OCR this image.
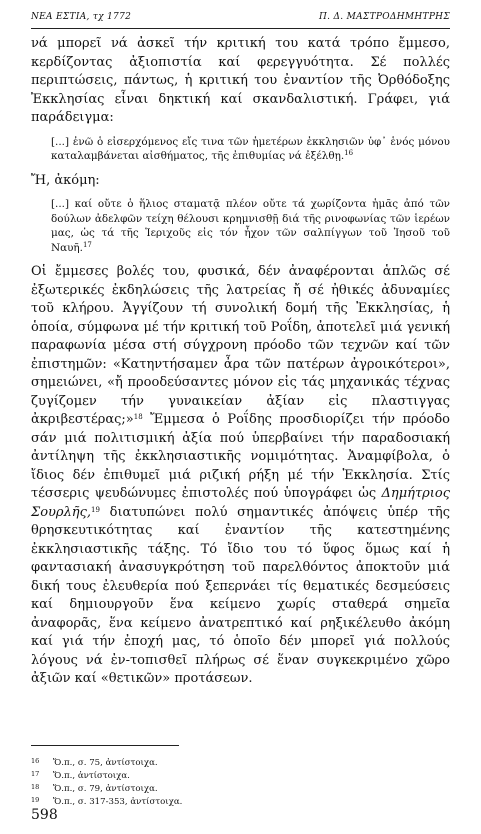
ΝΕΑ ΕΣΤΙΑ, τχ 1772	Π. Δ. ΜΑΣΤΡΟΔΗΜΗΤΡΗΣ

νά μπορεῖ νά ἀσκεῖ τήν κριτική του κατά τρόπο ἔμμεσο, κερδίζοντας ἀξιοπιστία καί φερεγγυότητα. Σέ πολλές περιπτώσεις, πάντως, ἡ κριτική του ἐναντίον τῆς Ὀρθόδοξης Ἐκκλησίας εἶναι δηκτική καί σκανδαλιστική. Γράφει, γιά παράδειγμα:

[...] ἐνῶ ὁ εἰσερχόμενος εἴς τινα τῶν ἡμετέρων ἐκκλησιῶν ὑφ᾽ ἑνός μόνου καταλαμβάνεται αἰσθήματος, τῆς ἐπιθυμίας νά ἐξέλθῃ.$^{16}$

Ἤ, ἀκόμη:

[...] καί οὔτε ὁ ἥλιος σταματᾷ πλέον οὔτε τά χωρίζοντα ἡμᾶς ἀπό τῶν δούλων ἀδελφῶν τείχη θέλουσι κρημνισθῇ διά τῆς ρινοφωνίας τῶν ἱερέων μας, ὡς τά τῆς Ἱεριχοῦς εἰς τόν ἦχον τῶν σαλπίγγων τοῦ Ἰησοῦ τοῦ Ναυῆ.$^{17}$

Οἱ ἔμμεσες βολές του, φυσικά, δέν ἀναφέρονται ἁπλῶς σέ ἐξωτερικές ἐκδηλώσεις τῆς λατρείας ἤ σέ ἠθικές ἀδυναμίες τοῦ κλήρου. Ἀγγίζουν τή συνολική δομή τῆς Ἐκκλησίας, ἡ ὁποία, σύμφωνα μέ τήν κριτική τοῦ Ροΐδη, ἀποτελεῖ μιά γενική παραφωνία μέσα στή σύγχρονη πρόοδο τῶν τεχνῶν καί τῶν ἐπιστημῶν: «Κατηντήσαμεν ἆρα τῶν πατέρων ἀγροικότεροι», σημειώνει, «ἤ προοδεύσαντες μόνον εἰς τάς μηχανικάς τέχνας ζυγίζομεν τήν γυναικείαν ἀξίαν εἰς πλαστιγγας ἀκριβεστέρας;»$^{18}$ Ἔμμεσα ὁ Ροΐδης προσδιορίζει τήν πρόοδο σάν μιά πολιτισμική ἀξία πού ὑπερβαίνει τήν παραδοσιακή ἀντίληψη τῆς ἐκκλησιαστικῆς νομιμότητας. Ἀναμφίβολα, ὁ ἴδιος δέν ἐπιθυμεῖ μιά ριζική ρήξη μέ τήν Ἐκκλησία. Στίς τέσσερις ψευδώνυμες ἐπιστολές πού ὑπογράφει ὡς Δημήτριος Σουρλῆς,$^{19}$ διατυπώνει πολύ σημαντικές ἀπόψεις ὑπέρ τῆς θρησκευτικότητας καί ἐναντίον τῆς κατεστημένης ἐκκλησιαστικῆς τάξης. Τό ἴδιο του τό ὕφος ὅμως καί ἡ φαντασιακή ἀνασυγκρότηση τοῦ παρελθόντος ἀποκτοῦν μιά δική τους ἐλευθερία πού ξεπερνάει τίς θεματικές δεσμεύσεις καί δημιουργοῦν ἕνα κείμενο χωρίς σταθερά σημεῖα ἀναφορᾶς, ἕνα κείμενο ἀνατρεπτικό καί ρηξικέλευθο ἀκόμη καί γιά τήν ἐποχή μας, τό ὁποῖο δέν μπορεῖ γιά πολλούς λόγους νά ἐν-τοπισθεῖ πλήρως σέ ἕναν συγκεκριμένο χῶρο ἀξιῶν καί «θετικῶν» προτάσεων.

$^{16}$ Ὅ.π., σ. 75, ἀντίστοιχα.
$^{17}$ Ὅ.π., ἀντίστοιχα.
$^{18}$ Ὅ.π., σ. 79, ἀντίστοιχα.
$^{19}$ Ὅ.π., σ. 317-353, ἀντίστοιχα.
598
